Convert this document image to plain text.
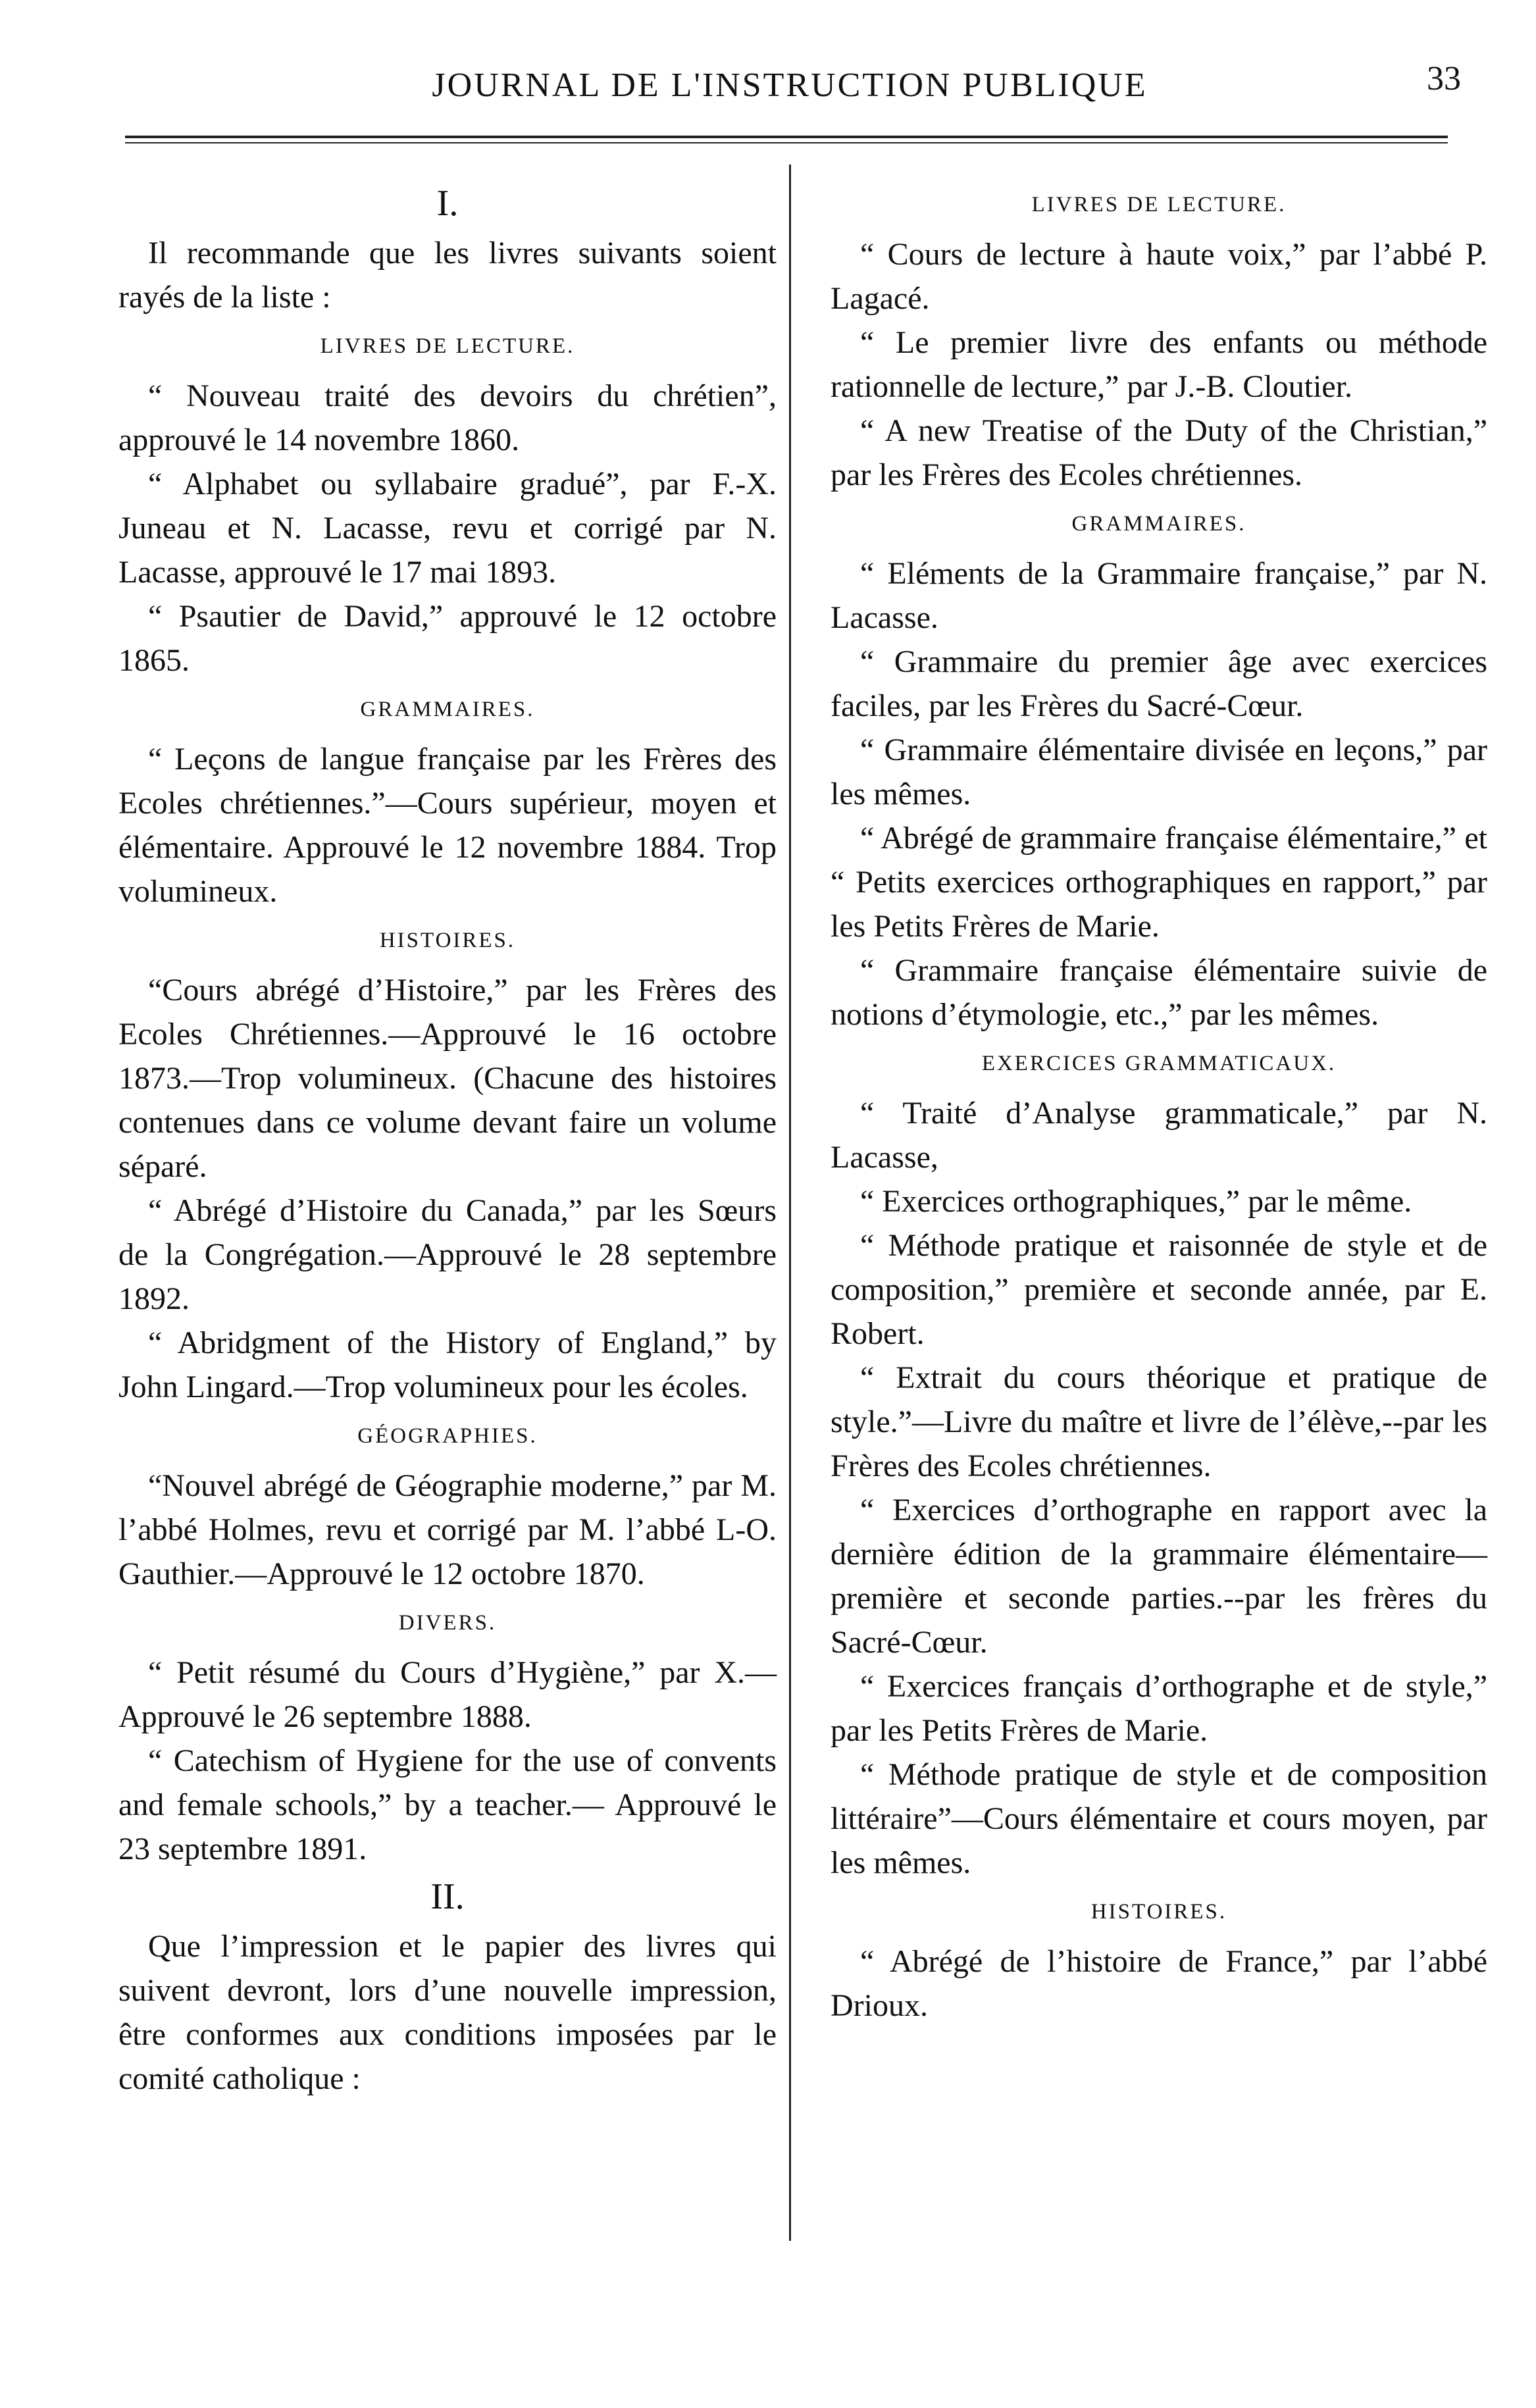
JOURNAL DE L'INSTRUCTION PUBLIQUE	33
I.
Il recommande que les livres suivants soient rayés de la liste :
LIVRES DE LECTURE.
“ Nouveau traité des devoirs du chrétien”, approuvé le 14 novembre 1860.
“ Alphabet ou syllabaire gradué”, par F.-X. Juneau et N. Lacasse, revu et corrigé par N. Lacasse, approuvé le 17 mai 1893.
“ Psautier de David,” approuvé le 12 octobre 1865.
GRAMMAIRES.
“ Leçons de langue française par les Frères des Ecoles chrétiennes.”—Cours supérieur, moyen et élémentaire. Approuvé le 12 novembre 1884. Trop volumineux.
HISTOIRES.
“Cours abrégé d’Histoire,” par les Frères des Ecoles Chrétiennes.—Approuvé le 16 octobre 1873.—Trop volumineux. (Chacune des histoires contenues dans ce volume devant faire un volume séparé.
“ Abrégé d’Histoire du Canada,” par les Sœurs de la Congrégation.—Approuvé le 28 septembre 1892.
“ Abridgment of the History of England,” by John Lingard.—Trop volumineux pour les écoles.
GÉOGRAPHIES.
“Nouvel abrégé de Géographie moderne,” par M. l’abbé Holmes, revu et corrigé par M. l’abbé L-O. Gauthier.—Approuvé le 12 octobre 1870.
DIVERS.
“ Petit résumé du Cours d’Hygiène,” par X.—Approuvé le 26 septembre 1888.
“ Catechism of Hygiene for the use of convents and female schools,” by a teacher.— Approuvé le 23 septembre 1891.
II.
Que l’impression et le papier des livres qui suivent devront, lors d’une nouvelle impression, être conformes aux conditions imposées par le comité catholique :
LIVRES DE LECTURE.
“ Cours de lecture à haute voix,” par l’abbé P. Lagacé.
“ Le premier livre des enfants ou méthode rationnelle de lecture,” par J.-B. Cloutier.
“ A new Treatise of the Duty of the Christian,” par les Frères des Ecoles chrétiennes.
GRAMMAIRES.
“ Eléments de la Grammaire française,” par N. Lacasse.
“ Grammaire du premier âge avec exercices faciles, par les Frères du Sacré-Cœur.
“ Grammaire élémentaire divisée en leçons,” par les mêmes.
“ Abrégé de grammaire française élémentaire,” et “ Petits exercices orthographiques en rapport,” par les Petits Frères de Marie.
“ Grammaire française élémentaire suivie de notions d’étymologie, etc.,” par les mêmes.
EXERCICES GRAMMATICAUX.
“ Traité d’Analyse grammaticale,” par N. Lacasse,
“ Exercices orthographiques,” par le même.
“ Méthode pratique et raisonnée de style et de composition,” première et seconde année, par E. Robert.
“ Extrait du cours théorique et pratique de style.”—Livre du maître et livre de l’élève,--par les Frères des Ecoles chrétiennes.
“ Exercices d’orthographe en rapport avec la dernière édition de la grammaire élémentaire—première et seconde parties.--par les frères du Sacré-Cœur.
“ Exercices français d’orthographe et de style,” par les Petits Frères de Marie.
“ Méthode pratique de style et de composition littéraire”—Cours élémentaire et cours moyen, par les mêmes.
HISTOIRES.
“ Abrégé de l’histoire de France,” par l’abbé Drioux.
